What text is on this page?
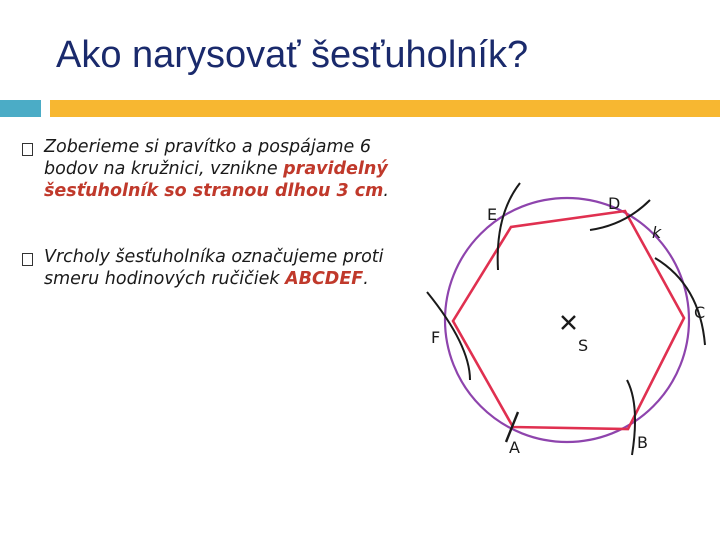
Ako narysovať šesťuholník?
Zoberieme si pravítko a pospájame 6 bodov na kružnici, vznikne pravidelný šesťuholník so stranou dlhou 3 cm.
Vrcholy šesťuholníka označujeme proti smeru hodinových ručičiek ABCDEF.
A	B
C
D
E
F	S
k
